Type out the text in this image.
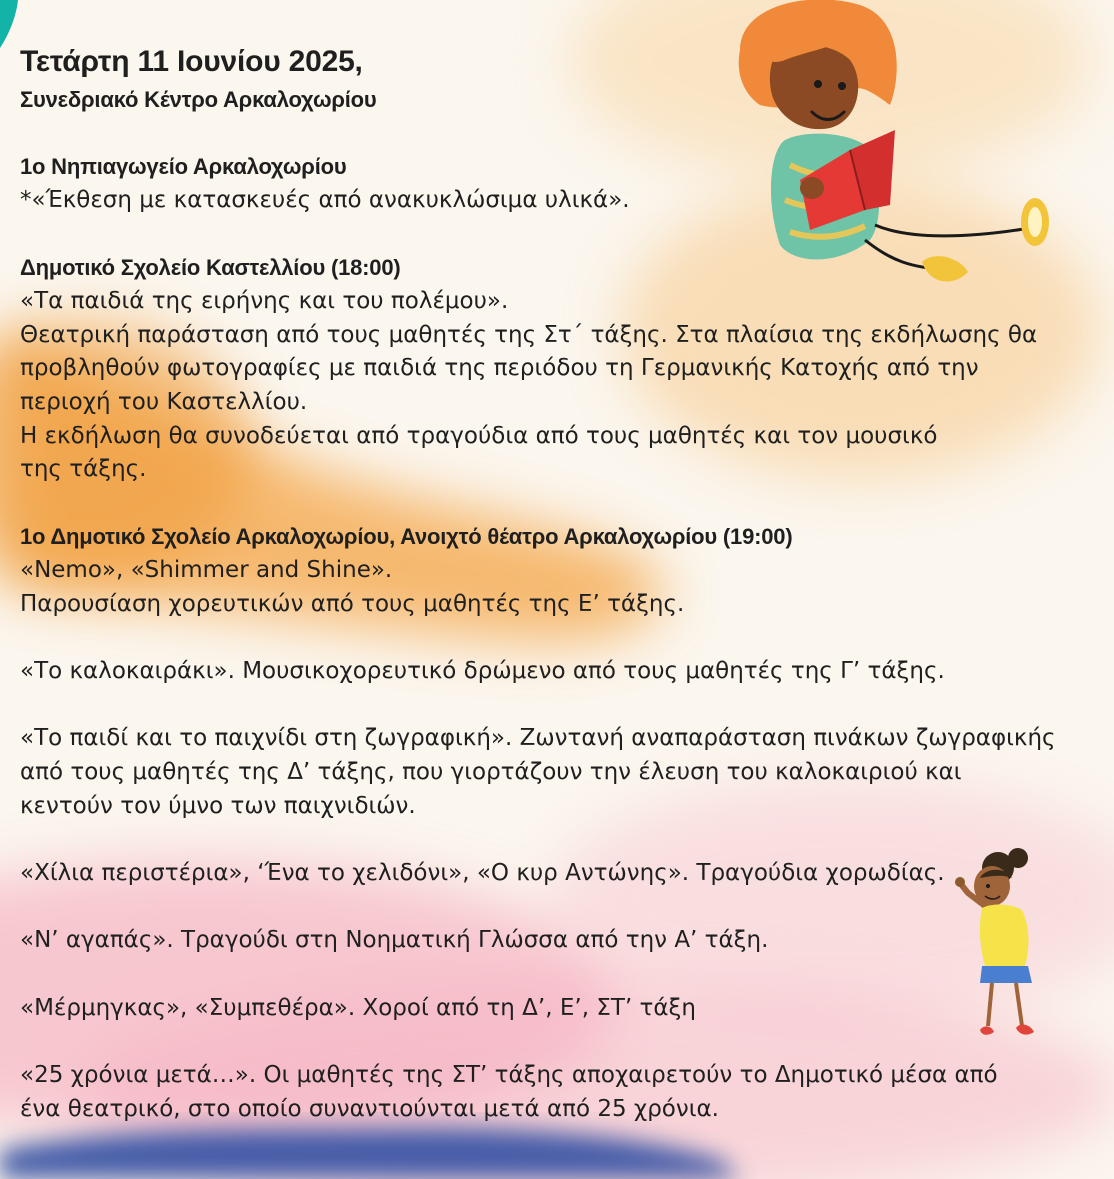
Τετάρτη 11 Ιουνίου 2025,
Συνεδριακό Κέντρο Αρκαλοχωρίου
1ο Νηπιαγωγείο Αρκαλοχωρίου
*«Έκθεση με κατασκευές από ανακυκλώσιμα υλικά».
Δημοτικό Σχολείο Καστελλίου (18:00)
«Τα παιδιά της ειρήνης και του πολέμου».
Θεατρική παράσταση από τους μαθητές της Στ΄ τάξης. Στα πλαίσια της εκδήλωσης θα
προβληθούν φωτογραφίες με παιδιά της περιόδου τη Γερμανικής Κατοχής από την
περιοχή του Καστελλίου.
Η εκδήλωση θα συνοδεύεται από τραγούδια από τους μαθητές και τον μουσικό
της τάξης.
1ο Δημοτικό Σχολείο Αρκαλοχωρίου, Ανοιχτό θέατρο Αρκαλοχωρίου (19:00)
«Nemo», «Shimmer and Shine».
Παρουσίαση χορευτικών από τους μαθητές της Ε’ τάξης.
«Το καλοκαιράκι». Μουσικοχορευτικό δρώμενο από τους μαθητές της Γ’ τάξης.
«Το παιδί και το παιχνίδι στη ζωγραφική». Ζωντανή αναπαράσταση πινάκων ζωγραφικής
από τους μαθητές της Δ’ τάξης, που γιορτάζουν την έλευση του καλοκαιριού και
κεντούν τον ύμνο των παιχνιδιών.
«Χίλια περιστέρια», ‘Ένα το χελιδόνι», «Ο κυρ Αντώνης». Τραγούδια χορωδίας.
«Ν’ αγαπάς». Τραγούδι στη Νοηματική Γλώσσα από την Α’ τάξη.
«Μέρμηγκας», «Συμπεθέρα». Χοροί από τη Δ’, Ε’, ΣΤ’ τάξη
«25 χρόνια μετά…». Οι μαθητές της ΣΤ’ τάξης αποχαιρετούν το Δημοτικό μέσα από
ένα θεατρικό, στο οποίο συναντιούνται μετά από 25 χρόνια.
